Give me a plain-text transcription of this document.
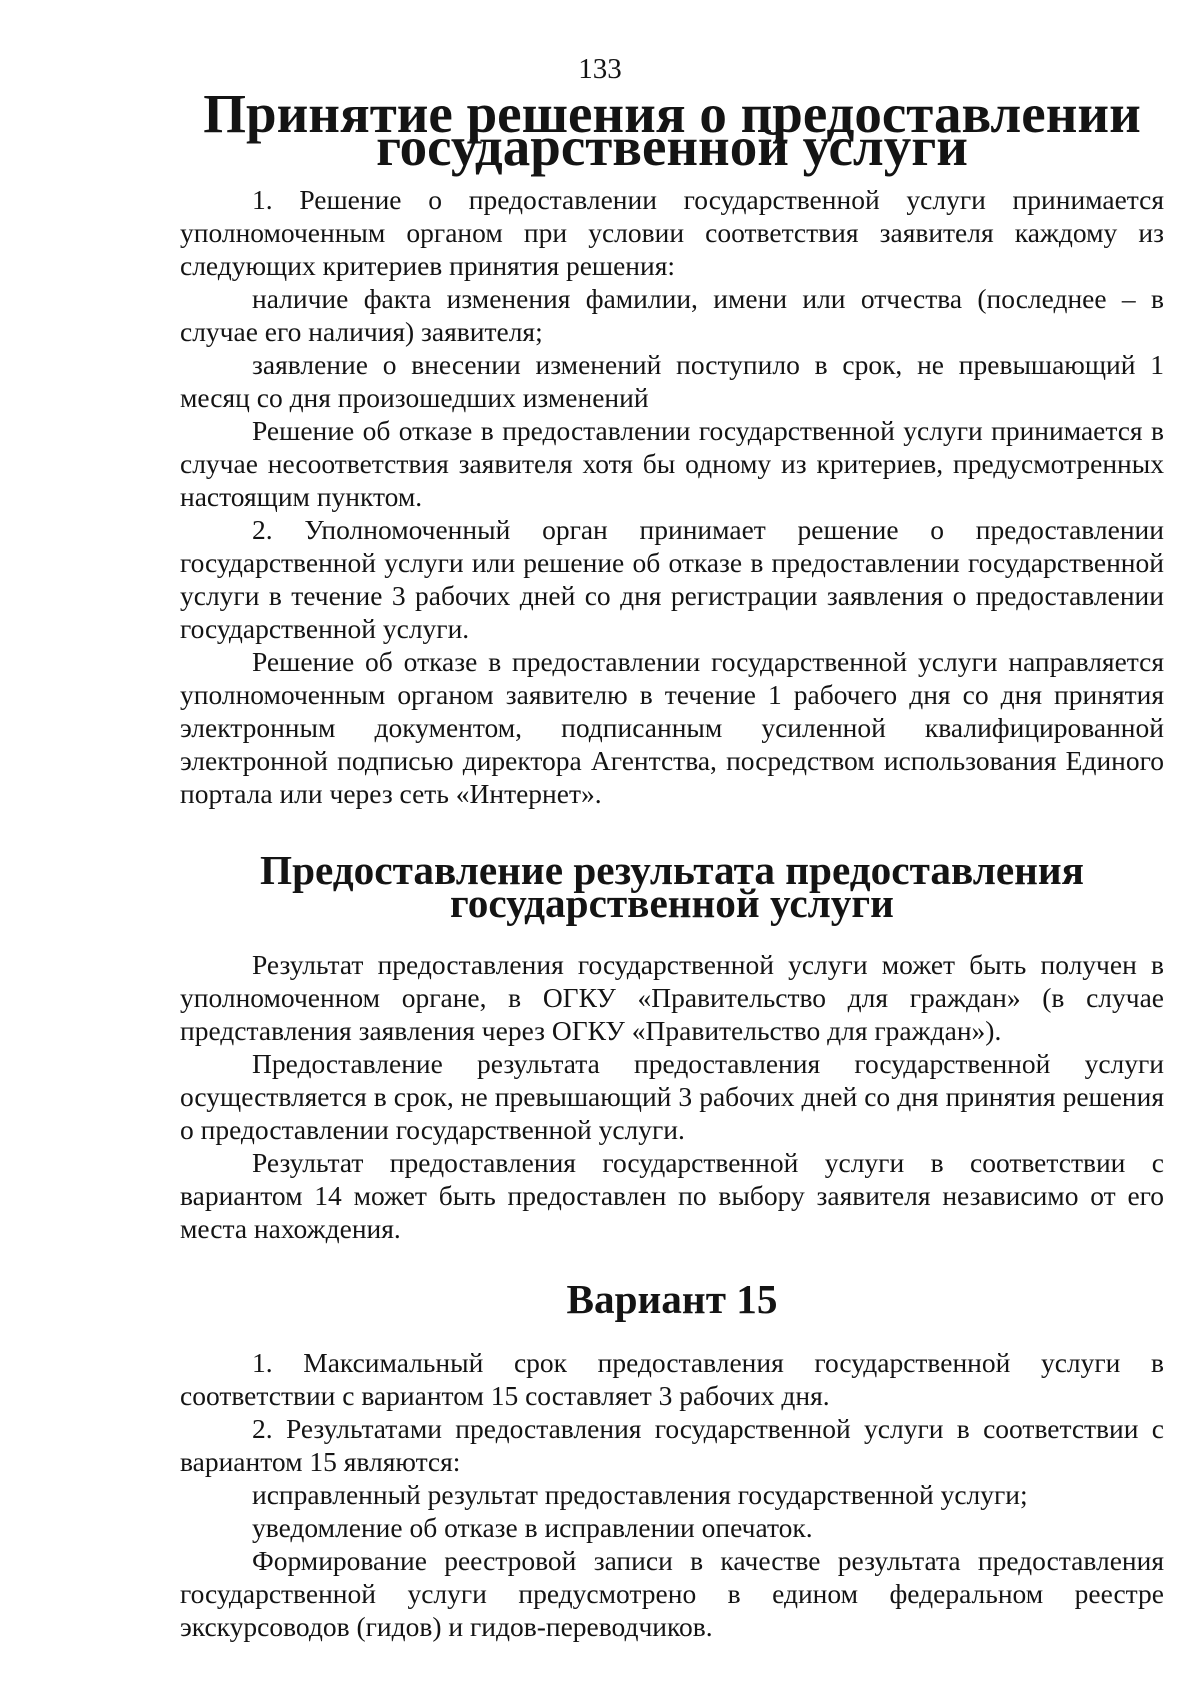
133
Принятие решения о предоставлении государственной услуги

1. Решение о предоставлении государственной услуги принимается уполномоченным органом при условии соответствия заявителя каждому из следующих критериев принятия решения:

наличие факта изменения фамилии, имени или отчества (последнее – в случае его наличия) заявителя;

заявление о внесении изменений поступило в срок, не превышающий 1 месяц со дня произошедших изменений

Решение об отказе в предоставлении государственной услуги принимается в случае несоответствия заявителя хотя бы одному из критериев, предусмотренных настоящим пунктом.

2. Уполномоченный орган принимает решение о предоставлении государственной услуги или решение об отказе в предоставлении государственной услуги в течение 3 рабочих дней со дня регистрации заявления о предоставлении государственной услуги.

Решение об отказе в предоставлении государственной услуги направляется уполномоченным органом заявителю в течение 1 рабочего дня со дня принятия электронным документом, подписанным усиленной квалифицированной электронной подписью директора Агентства, посредством использования Единого портала или через сеть «Интернет».

Предоставление результата предоставления государственной услуги

Результат предоставления государственной услуги может быть получен в уполномоченном органе, в ОГКУ «Правительство для граждан» (в случае представления заявления через ОГКУ «Правительство для граждан»).

Предоставление результата предоставления государственной услуги осуществляется в срок, не превышающий 3 рабочих дней со дня принятия решения о предоставлении государственной услуги.

Результат предоставления государственной услуги в соответствии с вариантом 14 может быть предоставлен по выбору заявителя независимо от его места нахождения.

Вариант 15

1. Максимальный срок предоставления государственной услуги в соответствии с вариантом 15 составляет 3 рабочих дня.

2. Результатами предоставления государственной услуги в соответствии с вариантом 15 являются:

исправленный результат предоставления государственной услуги;

уведомление об отказе в исправлении опечаток.

Формирование реестровой записи в качестве результата предоставления государственной услуги предусмотрено в едином федеральном реестре экскурсоводов (гидов) и гидов-переводчиков.
